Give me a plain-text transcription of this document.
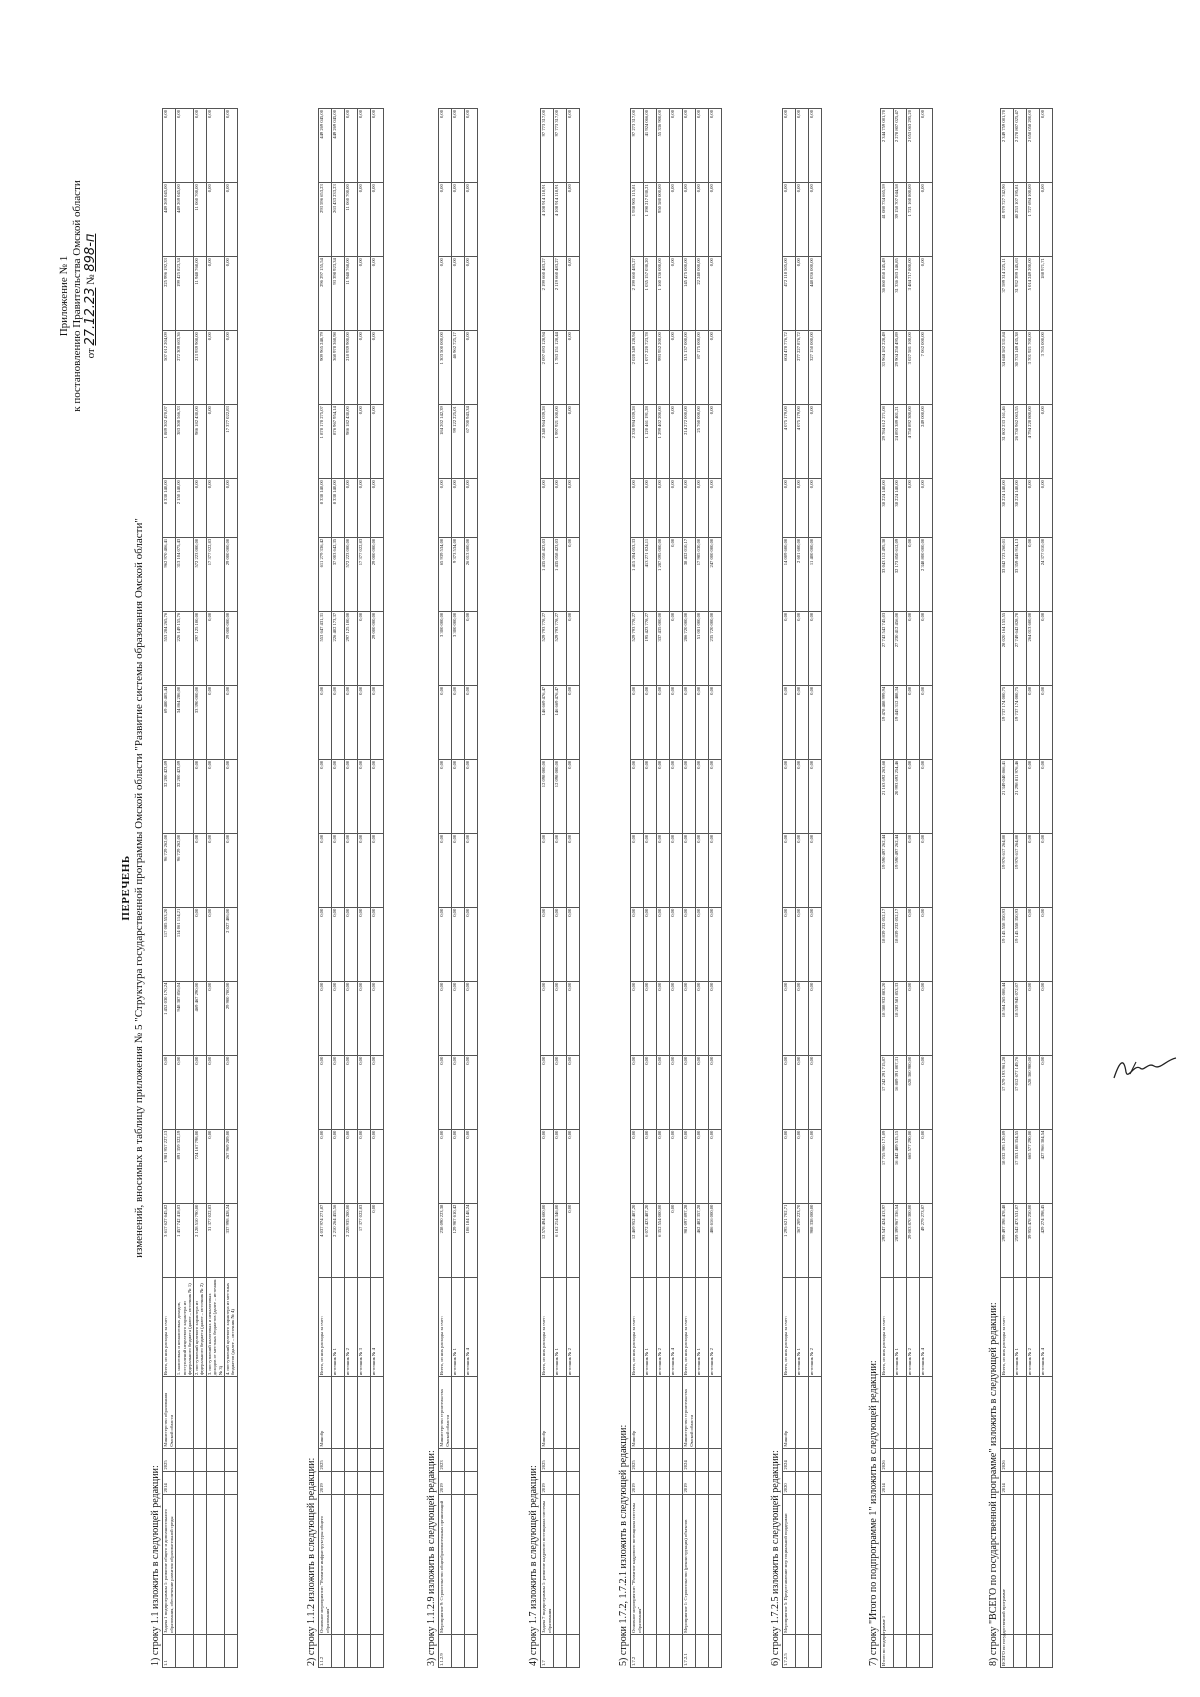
Приложение № 1 к постановлению Правительства Омской области от 27.12.23 № 898-п
ПЕРЕЧЕНЬ изменений, вносимых в таблицу приложения № 5 "Структура государственной программы Омской области "Развитие системы образования Омской области"
1) строку 1.1 изложить в следующей редакции: 1.1	Задача 1 подпрограммы 1: развитие общего и дополнительного образования, обеспечение развития образовательной среды	2014	2025	Министерство образования Омской области	Всего, из них расходы за счет:	3 617 627 645,82	1 981 957 227,13	0,00	1 452 030 170,24	117 085 553,20	96 729 262,00	32 200 423,09	69 480 405,44	553 284 265,76	962 970 406,41	8 338 140,00	1 889 302 470,07	507 012 204,09	225 996 192,33	449 269 045,00	0,00
					1. налоговых и неналоговых доходов, поступлений нецелевого характера из федерального бюджета (далее – источник № 1)	1 457 742 418,03	891 359 322,19	0,00	948 387 856,04	114 061 114,21	96 729 262,00	32 200 423,09	34 864 286,00	226 149 155,76	313 104 075,43	2 150 140,00	383 308 566,33	272 309 603,36	199 425 823,34	449 269 045,00	0,00
					2. поступлений целевого характера из федерального бюджета (далее – источник № 2)	2 128 510 790,00	724 167 798,00	0,00	469 467 290,00	0,00	0,00	0,00	33 390 000,00	297 125 100,00	572 223 000,00	0,00	986 182 430,00	213 939 908,00	11 948 768,00	11 060 700,00	0,00
					3. поступлений налоговых и неналоговых доходов от местных бюджетов (далее – источник № 3)	31 377 022,83	0,00	0,00	0,00	0,00	0,00	0,00	0,00	0,00	17 377 022,83	0,00	0,00	0,00	0,00	0,00	0,00
					4. поступлений целевого характера из местных бюджетов (далее – источник № 4)	337 998 428,24	267 969 289,00	0,00	29 900 700,00	2 027 406,00	0,00	0,00	0,00	29 000 000,00	29 000 000,00	0,00	17 377 022,83	0,00	0,00	0,00	0,00
2) строку 1.1.2 изложить в следующей редакции: 1.1.2	Основное мероприятие: "Развитие инфраструктуры общего образования"	2019	2025	Минобр	Всего, из них расходы за счет:	4 037 974 271,87	0,00	0,00	0,00	0,00	0,00	0,00	0,00	553 647 431,31	611 279 336,42	8 338 140,00	1 878 178 275,07	909 965 248,79	296 297 155,54	293 596 653,23	449 269 045,00
					источник № 1	2 210 264 455,56	0,00	0,00	0,00	0,00	0,00	0,00	0,00	226 402 173,37	37 003 642,35	8 338 140,00	876 967 954,14	368 978 368,98	93 398 923,34	263 433 233,23	449 269 045,00
					источник № 2	2 228 935 200,00	0,00	0,00	0,00	0,00	0,00	0,00	0,00	297 125 100,00	572 223 000,00	0,00	986 182 430,00	218 939 900,00	11 948 768,00	11 060 700,00	0,00
					источник № 3	17 377 022,83	0,00	0,00	0,00	0,00	0,00	0,00	0,00	0,00	17 377 022,83	0,00	0,00	0,00	0,00	0,00	0,00
					источник № 4	0,00	0,00	0,00	0,00	0,00	0,00	0,00	0,00	29 000 000,00	29 000 000,00	0,00	0,00	0,00	0,00	0,00	0,00
3) строку 1.1.2.9 изложить в следующей редакции: 1.1.2.9	Мероприятие 9: Строительство общеобразовательных организаций	2019	2023	Министерство строительства Омской области	Всего, из них расходы за счет:	238 090 223,38	0,00	0,00	0,00	0,00	0,00	0,00	0,00	3 300 000,00	65 939 534,00	0,00	184 202 142,39	1 303 500 000,00	0,00	0,00	0,00
					источник № 1	129 907 610,42	0,00	0,00	0,00	0,00	0,00	0,00	0,00	3 300 000,00	9 373 534,00	0,00	99 122 225,01	46 962 725,17	0,00	0,00	0,00
					источник № 4	106 184 148,24	0,00	0,00	0,00	0,00	0,00	0,00	0,00	0,00	26 013 600,00	0,00	67 700 943,34	0,00	0,00	0,00	0,00
4) строку 1.7 изложить в следующей редакции: 1.7	Задача 7 подпрограммы 1: развитие кадрового потенциала системы образования	2019	2025	Минобр	Всего, из них расходы за счет:	12 578 494 600,00	0,00	0,00	0,00	0,00	0,00	12 098 000,00	146 669 476,47	529 793 778,27	1 435 058 423,03	0,00	2 340 964 039,28	2 097 693 128,94	2 199 660 483,27	4 108 914 118,91	97 773 317,00
					источник № 1	6 162 214 346,00	0,00	0,00	0,00	0,00	0,00	12 098 000,00	146 669 476,47	529 793 778,27	1 435 058 423,03	0,00	1 997 921 100,00	1 783 151 128,44	2 119 660 483,27	4 108 914 118,91	97 773 317,00
					источник № 2	0,00	0,00	0,00	0,00	0,00	0,00	0,00	0,00	0,00	0,00	0,00	0,00	0,00	0,00	0,00	0,00
5) строки 1.7.2, 1.7.2.1 изложить в следующей редакции: 1.7.2	Основное мероприятие: "Развитие кадрового потенциала системы образования"	2019	2025	Минобр	Всего, из них расходы за счет:	12 469 952 487,20	0,00	0,00	0,00	0,00	0,00	0,00	0,00	529 793 778,27	1 415 204 053,33	0,00	2 338 994 039,28	2 020 349 128,94	2 199 660 483,27	1 938 905 115,81	97 273 317,00
					источник № 1	6 072 423 487,20	0,00	0,00	0,00	0,00	0,00	0,00	0,00	195 423 778,27	413 271 024,11	0,00	1 120 461 191,28	1 077 220 723,78	1 035 157 030,20	1 198 217 030,21	41 924 066,00
					источник № 2	6 352 554 000,00	0,00	0,00	0,00	0,00	0,00	0,00	0,00	337 435 000,00	1 287 095 000,00	0,00	1 299 402 200,00	993 952 200,00	1 160 136 000,00	950 580 000,00	55 336 900,00
					источник № 4	0,00	0,00	0,00	0,00	0,00	0,00	0,00	0,00	0,00	0,00	0,00	0,00	0,00	0,00	0,00	0,00
1.7.2.1	Мероприятие 1: Строительство (реконструкция) объектов	2019	2024	Министерство строительства Омской области	Всего, из них расходы за счет:	981 097 897,28	0,00	0,00	0,00	0,00	0,00	0,00	0,00	286 720 000,00	38 432 010,17	0,00	214 272 000,00	315 137 000,00	145 475 000,00	0,00	0,00
					источник № 1	462 482 357,28	0,00	0,00	0,00	0,00	0,00	0,00	0,00	51 001 000,00	17 985 030,00	0,00	25 760 000,00	87 175 000,00	22 240 000,00	0,00	0,00
					источник № 2	486 616 000,00	0,00	0,00	0,00	0,00	0,00	0,00	0,00	235 720 000,00	247 000 000,00	0,00	0,00	0,00	0,00	0,00	0,00
6) строку 1.7.2.5 изложить в следующей редакции: 1.7.2.5	Мероприятие 5: Предоставление мер социальной поддержки	2020	2024	Минобр	Всего, из них расходы за счет:	1 295 621 702,71	0,00	0,00	0,00	0,00	0,00	0,00	0,00	0,00	14 009 600,00	0,00	4 075 179,00	604 478 776,72	472 118 505,00	0,00	0,00
					источник № 1	367 209 223,70	0,00	0,00	0,00	0,00	0,00	0,00	0,00	0,00	2 601 600,00	0,00	4 075 179,00	277 227 876,72	0,00	0,00	0,00
					источник № 2	908 338 000,00	0,00	0,00	0,00	0,00	0,00	0,00	0,00	0,00	11 400 000,00	0,00	0,00	327 150 000,00	448 036 000,00	0,00	0,00
7) строку "Итого по подпрограмме 1" изложить в следующей редакции: Итого по подпрограмме 1		2014	2026		Всего, из них расходы за счет:	293 547 424 413,97	17 755 980 171,09	17 242 291 715,87	18 388 932 883,20	18 839 232 052,17	19 590 497 262,44	21 163 692 263,68	19 478 488 999,94	27 742 542 745,03	33 043 112 495,38	38 224 140,00	29 784 612 271,08	33 964 182 228,49	36 860 858 145,49	41 088 734 665,59	2 344 759 081,70
					источник № 1	283 399 967 336,54	16 442 489 515,15	16 889 391 807,31	18 282 581 853,33	18 839 232 052,17	19 590 497 262,44	20 993 693 254,46	19 445 312 488,34	27 230 412 456,00	32 173 850 612,09	38 224 140,00	24 893 389 401,21	29 904 258 495,89	31 336 283 146,85	39 158 707 044,58	2 278 807 025,47
					источник № 2	29 003 870 300,00	665 577 290,00	628 360 900,00	0,00	0,00	0,00	0,00	0,00	0,00	0,00	0,00	4 758 892 300,00	3 027 581 100,00	3 484 717 800,00	1 721 160 800,00	2 053 063 295,20
					источник № 4	49 279 273,87	0,00	0,00	0,00	0,00	0,00	0,00	0,00	0,00	2 348 800 000,00	0,00	249 000,00	7 062 000,00	0,00	0,00	0,00
8) строку "ВСЕГО по государственной программе" изложить в следующей редакции: ВСЕГО по государственной программе		2014	2026		Всего, из них расходы за счет:	299 497 398 478,48	18 032 395 120,09	17 579 193 961,28	18 564 265 008,44	19 145 558 350,93	19 976 617 264,80	21 349 040 866,41	19 737 174 000,75	28 020 164 155,55	33 842 723 260,01	38 224 140,00	31 802 233 161,46	34 648 582 531,84	37 599 314 225,11	41 979 727 742,90	2 349 759 081,70
					источник № 1	259 542 473 531,07	17 353 188 354,55	17 012 677 149,76	18 539 945 072,07	19 145 558 350,93	19 976 617 264,80	21 298 811 976,46	19 737 174 000,75	27 749 642 828,70	33 359 445 914,13	38 224 140,00	26 730 962 063,55	30 733 149 435,38	31 932 399 145,63	40 253 107 195,81	2 278 807 025,47
					источник № 2	39 955 478 250,00	665 577 290,00	528 360 900,00	0,00	0,00	0,00	0,00	0,00	264 013 600,00	0,00	0,00	4 794 228 800,00	3 701 921 700,00	5 014 249 200,00	1 727 694 100,00	2 658 058 200,00
					источник № 4	429 274 398,45	427 966 384,54	0,00	0,00	0,00	0,00	0,00	0,00	0,00	24 377 010,00	0,00	0,00	3 765 000,00	188 971,71	0,00	0,00
